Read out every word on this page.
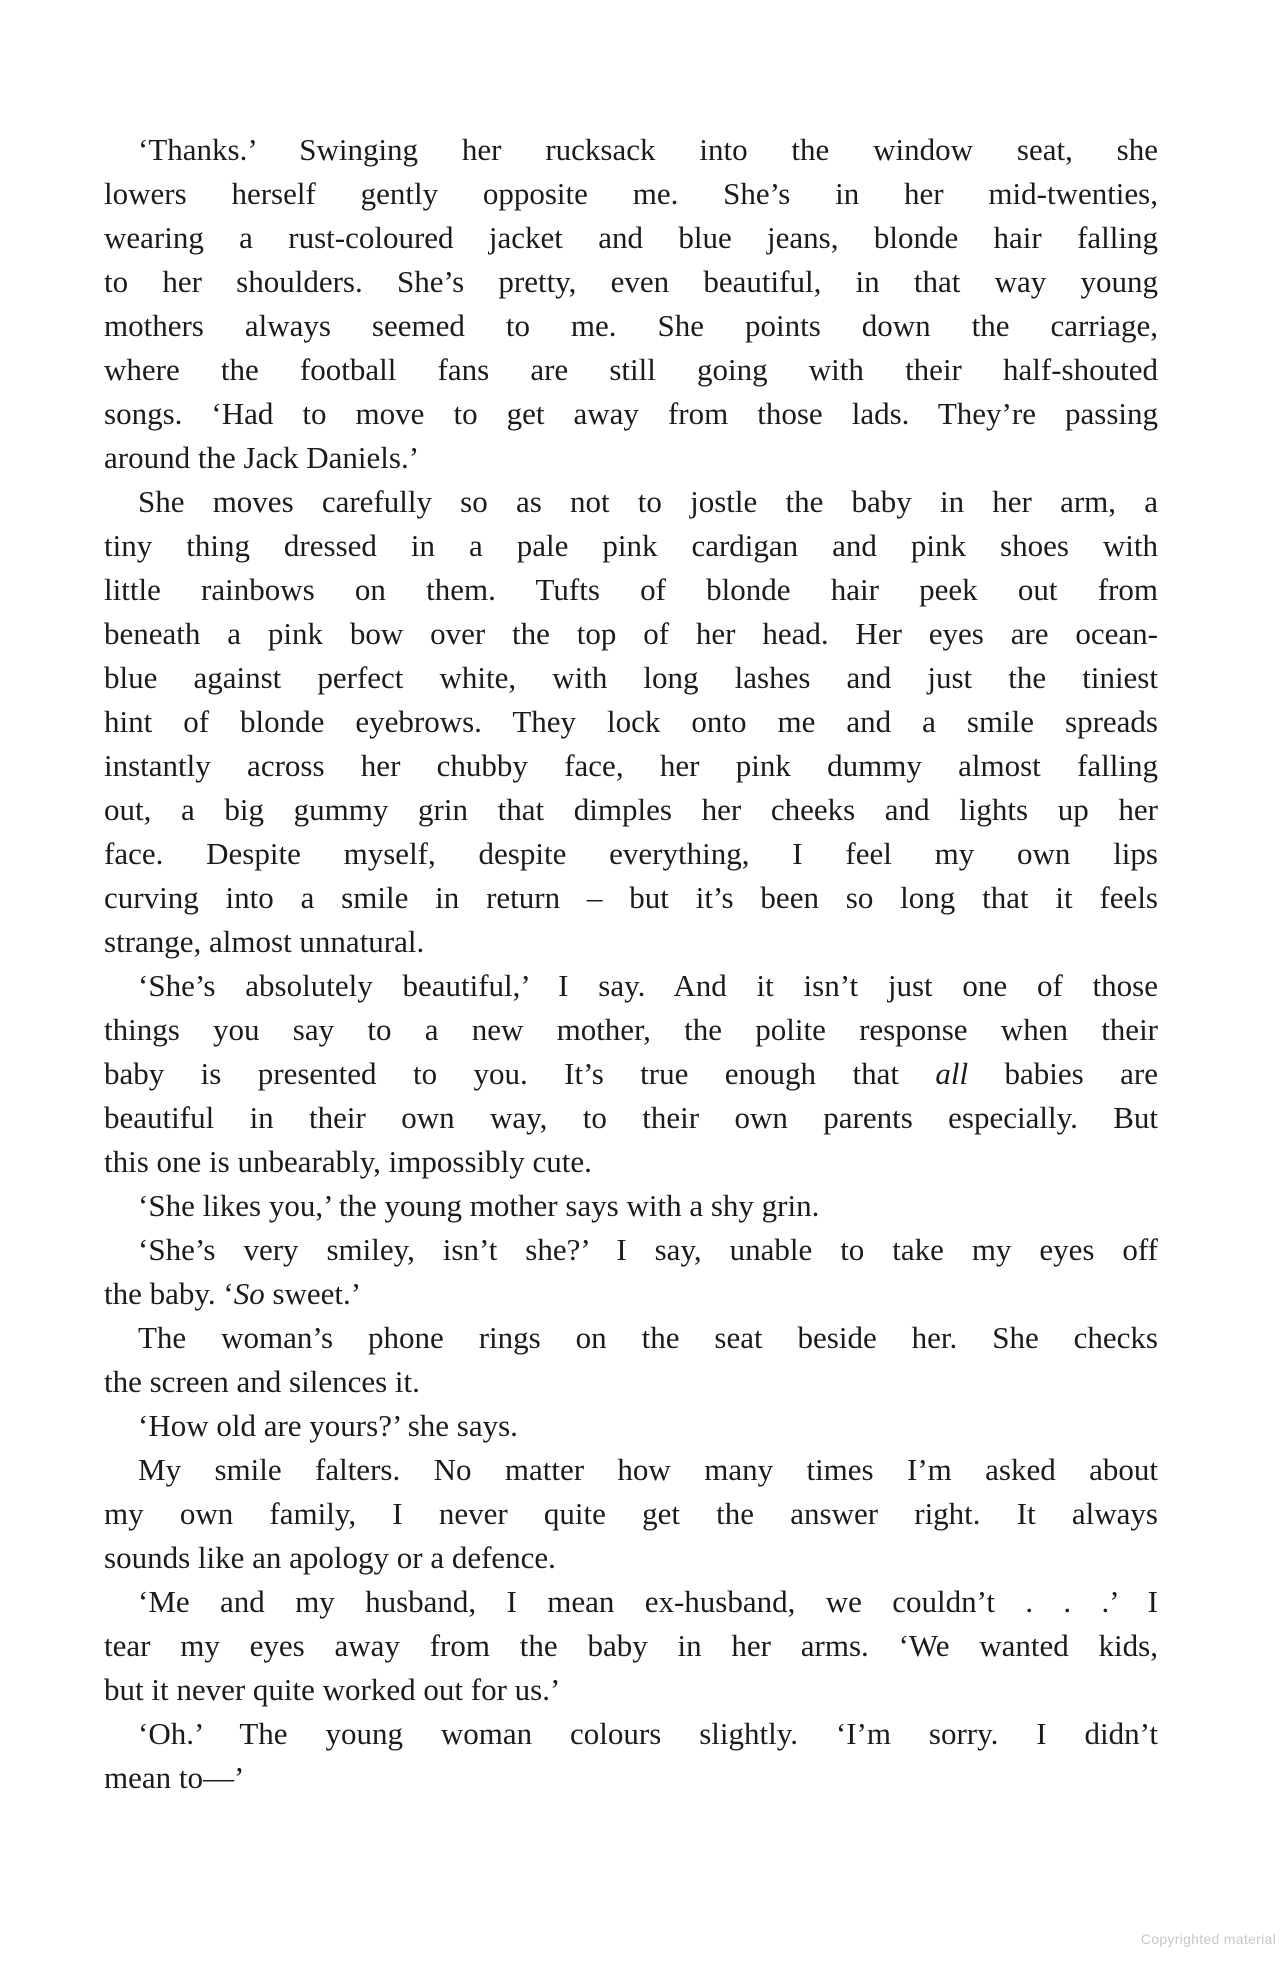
‘Thanks.’ Swinging her rucksack into the window seat, she
lowers herself gently opposite me. She’s in her mid-twenties,
wearing a rust-coloured jacket and blue jeans, blonde hair falling
to her shoulders. She’s pretty, even beautiful, in that way young
mothers always seemed to me. She points down the carriage,
where the football fans are still going with their half-shouted
songs. ‘Had to move to get away from those lads. They’re passing
around the Jack Daniels.’
She moves carefully so as not to jostle the baby in her arm, a
tiny thing dressed in a pale pink cardigan and pink shoes with
little rainbows on them. Tufts of blonde hair peek out from
beneath a pink bow over the top of her head. Her eyes are ocean-
blue against perfect white, with long lashes and just the tiniest
hint of blonde eyebrows. They lock onto me and a smile spreads
instantly across her chubby face, her pink dummy almost falling
out, a big gummy grin that dimples her cheeks and lights up her
face. Despite myself, despite everything, I feel my own lips
curving into a smile in return – but it’s been so long that it feels
strange, almost unnatural.
‘She’s absolutely beautiful,’ I say. And it isn’t just one of those
things you say to a new mother, the polite response when their
baby is presented to you. It’s true enough that all babies are
beautiful in their own way, to their own parents especially. But
this one is unbearably, impossibly cute.
‘She likes you,’ the young mother says with a shy grin.
‘She’s very smiley, isn’t she?’ I say, unable to take my eyes off
the baby. ‘So sweet.’
The woman’s phone rings on the seat beside her. She checks
the screen and silences it.
‘How old are yours?’ she says.
My smile falters. No matter how many times I’m asked about
my own family, I never quite get the answer right. It always
sounds like an apology or a defence.
‘Me and my husband, I mean ex-husband, we couldn’t . . .’ I
tear my eyes away from the baby in her arms. ‘We wanted kids,
but it never quite worked out for us.’
‘Oh.’ The young woman colours slightly. ‘I’m sorry. I didn’t
mean to—’
Copyrighted material
